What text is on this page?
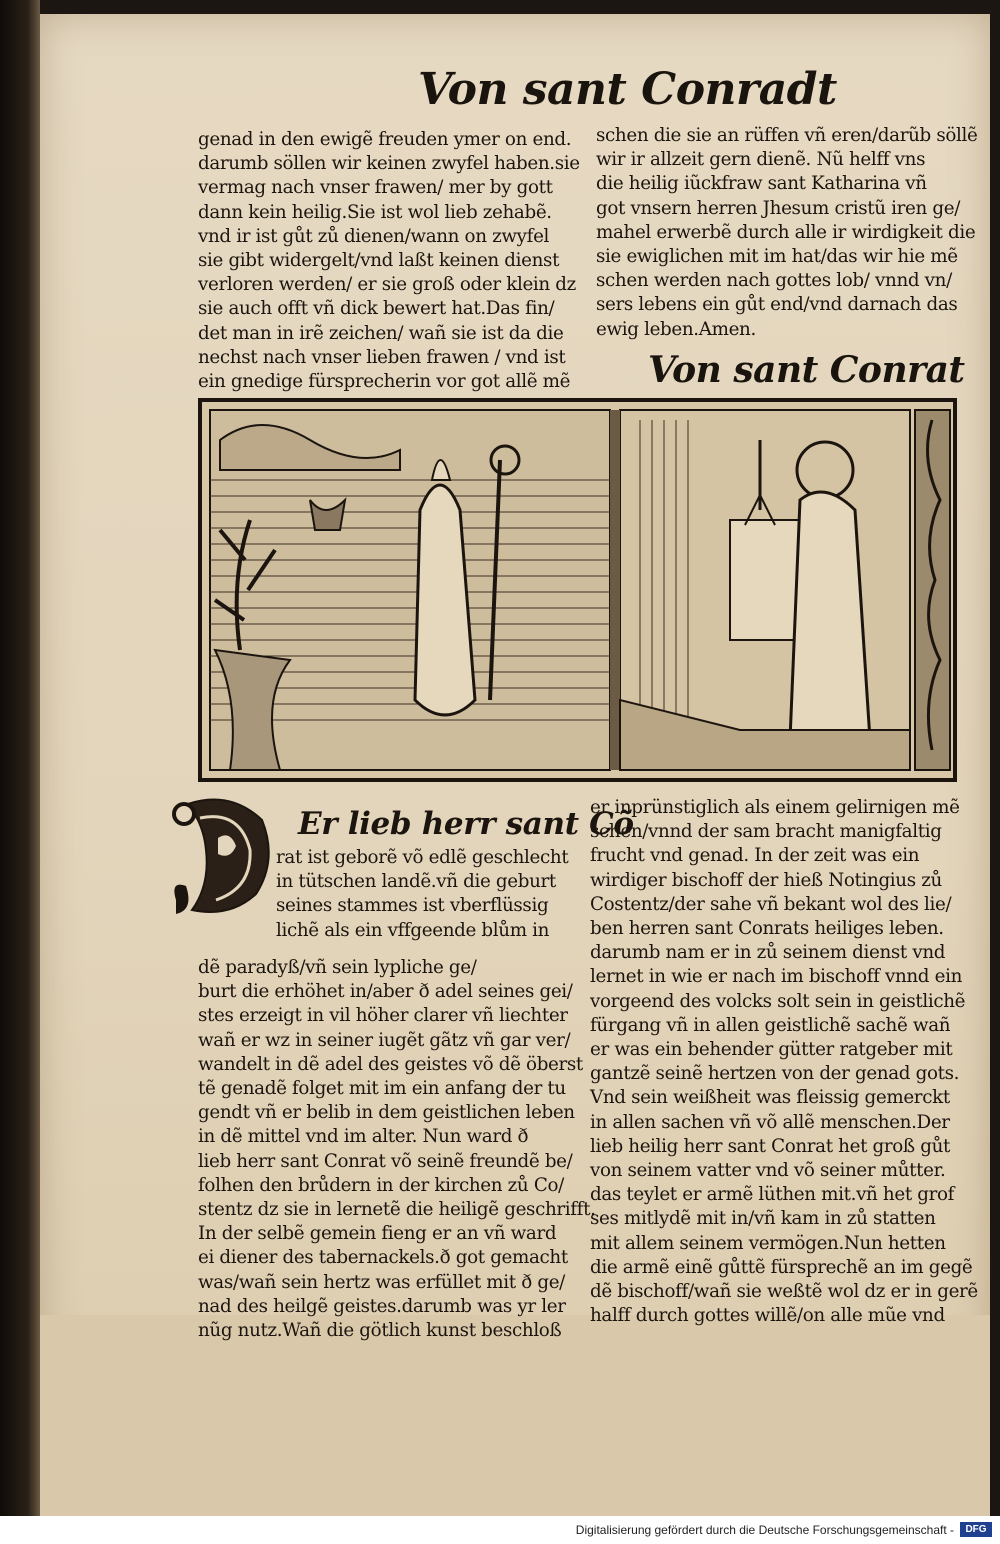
Von sant Conradt
genad in den ewigẽ freuden ymer on end.
darumb söllen wir keinen zwyfel haben.sie
vermag nach vnser frawen/ mer by gott
dann kein heilig.Sie ist wol lieb zehabẽ.
vnd ir ist gůt zů dienen/wann on zwyfel
sie gibt widergelt/vnd laßt keinen dienst
verloren werden/ er sie groß oder klein dz
sie auch offt vñ dick bewert hat.Das fin/
det man in irẽ zeichen/ wañ sie ist da die
nechst nach vnser lieben frawen / vnd ist
ein gnedige fürsprecherin vor got allẽ mẽ
schen die sie an rüffen vñ eren/darũb söllẽ
wir ir allzeit gern dienẽ. Nũ helff vns
die heilig iũckfraw sant Katharina vñ
got vnsern herren Jhesum cristũ iren ge/
mahel erwerbẽ durch alle ir wirdigkeit die
sie ewiglichen mit im hat/das wir hie mẽ
schen werden nach gottes lob/ vnnd vn/
sers lebens ein gůt end/vnd darnach das
ewig leben.Amen.
Von sant Conrat
Er lieb herr sant Cõ
rat ist geborẽ võ edlẽ geschlecht
in tütschen landẽ.vñ die geburt
seines stammes ist vberflüssig
lichẽ als ein vffgeende blům in
dẽ paradyß/vñ sein lypliche ge/
burt die erhöhet in/aber ð adel seines gei/
stes erzeigt in vil höher clarer vñ liechter
wañ er wz in seiner iugẽt gãtz vñ gar ver/
wandelt in dẽ adel des geistes võ dẽ öberst
tẽ genadẽ folget mit im ein anfang der tu
gendt vñ er belib in dem geistlichen leben
in dẽ mittel vnd im alter. Nun ward ð
lieb herr sant Conrat võ seinẽ freundẽ be/
folhen den brůdern in der kirchen zů Co/
stentz dz sie in lernetẽ die heiligẽ geschrifft.
In der selbẽ gemein fieng er an vñ ward
ei diener des tabernackels.ð got gemacht
was/wañ sein hertz was erfüllet mit ð ge/
nad des heilgẽ geistes.darumb was yr ler
nũg nutz.Wañ die götlich kunst beschloß
er inprünstiglich als einem gelirnigen mẽ
schen/vnnd der sam bracht manigfaltig
frucht vnd genad. In der zeit was ein
wirdiger bischoff der hieß Notingius zů
Costentz/der sahe vñ bekant wol des lie/
ben herren sant Conrats heiliges leben.
darumb nam er in zů seinem dienst vnd
lernet in wie er nach im bischoff vnnd ein
vorgeend des volcks solt sein in geistlichẽ
fürgang vñ in allen geistlichẽ sachẽ wañ
er was ein behender gütter ratgeber mit
gantzẽ seinẽ hertzen von der genad gots.
Vnd sein weißheit was fleissig gemerckt
in allen sachen vñ võ allẽ menschen.Der
lieb heilig herr sant Conrat het groß gůt
von seinem vatter vnd võ seiner můtter.
das teylet er armẽ lüthen mit.vñ het grof
ses mitlydẽ mit in/vñ kam in zů statten
mit allem seinem vermögen.Nun hetten
die armẽ einẽ gůttẽ fürsprechẽ an im gegẽ
dẽ bischoff/wañ sie weßtẽ wol dz er in gerẽ
halff durch gottes willẽ/on alle mũe vnd
Digitalisierung gefördert durch die Deutsche Forschungsgemeinschaft -	DFG
